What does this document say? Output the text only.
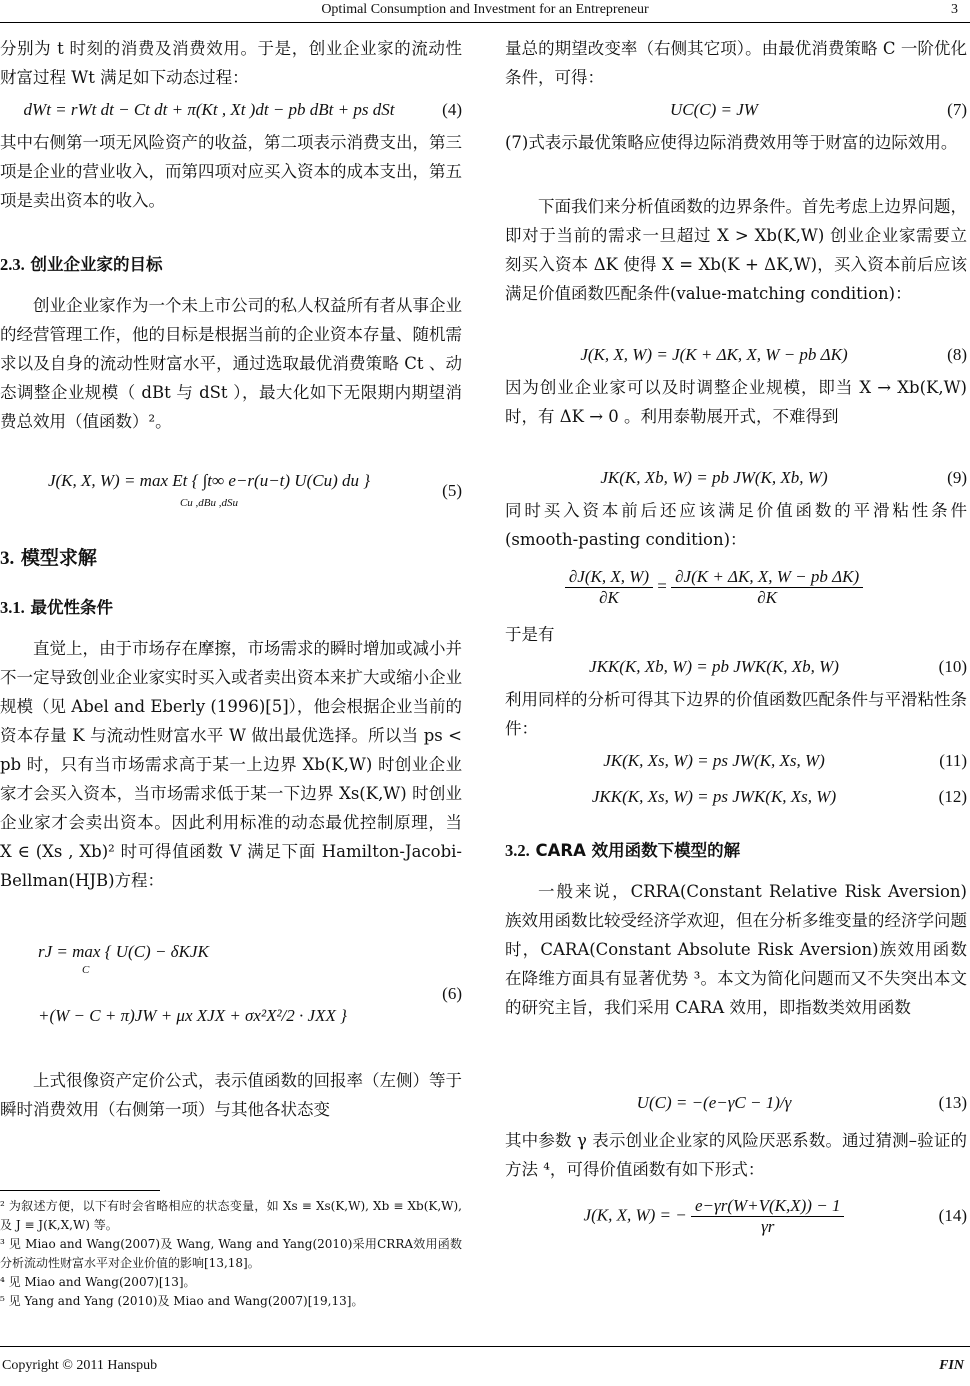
Optimal Consumption and Investment for an Entrepreneur	3

分别为 t 时刻的消费及消费效用。于是，创业企业家的流动性财富过程 Wt 满足如下动态过程：

dWt = rWt dt − Ct dt + π(Kt , Xt )dt − pb dBt + ps dSt	(4)

其中右侧第一项无风险资产的收益，第二项表示消费支出，第三项是企业的营业收入，而第四项对应买入资本的成本支出，第五项是卖出资本的收入。

2.3. 创业企业家的目标

创业企业家作为一个未上市公司的私人权益所有者从事企业的经营管理工作，他的目标是根据当前的企业资本存量、随机需求以及自身的流动性财富水平，通过选取最优消费策略 Ct 、动态调整企业规模（ dBt 与 dSt ），最大化如下无限期内期望消费总效用（值函数）²。

J(K, X, W) = max Et { ∫t∞ e−r(u−t) U(Cu) du }
Cu ,dBu ,dSu
(5)
3. 模型求解
3.1. 最优性条件

直觉上，由于市场存在摩擦，市场需求的瞬时增加或减小并不一定导致创业企业家实时买入或者卖出资本来扩大或缩小企业规模（见 Abel and Eberly (1996)[5]），他会根据企业当前的资本存量 K 与流动性财富水平 W 做出最优选择。所以当 ps < pb 时，只有当市场需求高于某一上边界 Xb(K,W) 时创业企业家才会买入资本，当市场需求低于某一下边界 Xs(K,W) 时创业企业家才会卖出资本。因此利用标准的动态最优控制原理，当 X ∈ (Xs , Xb)² 时可得值函数 V 满足下面 Hamilton-Jacobi-Bellman(HJB)方程：

rJ = max { U(C) − δKJK
C
+(W − C + π)JW + μx XJX + σx²X²/2 · JXX }
(6)

上式很像资产定价公式，表示值函数的回报率（左侧）等于瞬时消费效用（右侧第一项）与其他各状态变

² 为叙述方便，以下有时会省略相应的状态变量，如 Xs ≡ Xs(K,W), Xb ≡ Xb(K,W), 及 J ≡ J(K,X,W) 等。
³ 见 Miao and Wang(2007)及 Wang, Wang and Yang(2010)采用CRRA效用函数分析流动性财富水平对企业价值的影响[13,18]。
⁴ 见 Miao and Wang(2007)[13]。
⁵ 见 Yang and Yang (2010)及 Miao and Wang(2007)[19,13]。

量总的期望改变率（右侧其它项）。由最优消费策略 C 一阶优化条件，可得：

UC(C) = JW	(7)

(7)式表示最优策略应使得边际消费效用等于财富的边际效用。

下面我们来分析值函数的边界条件。首先考虑上边界问题，即对于当前的需求一旦超过 X > Xb(K,W) 创业企业家需要立刻买入资本 ΔK 使得 X = Xb(K + ΔK,W)，买入资本前后应该满足价值函数匹配条件(value-matching condition)：

J(K, X, W) = J(K + ΔK, X, W − pb ΔK)	(8)

因为创业企业家可以及时调整企业规模，即当 X → Xb(K,W) 时，有 ΔK → 0 。利用泰勒展开式，不难得到

JK(K, Xb, W) = pb JW(K, Xb, W)	(9)

同时买入资本前后还应该满足价值函数的平滑粘性条件(smooth-pasting condition)：

$\frac{\partial J(K, X, W)}{\partial K} = \frac{\text{∂J(K + ΔK, X, W − pb ΔK)}}{\partial K}$

于是有

JKK(K, Xb, W) = pb JWK(K, Xb, W)	(10)

利用同样的分析可得其下边界的价值函数匹配条件与平滑粘性条件：

JK(K, Xs, W) = ps JW(K, Xs, W)	(11)
JKK(K, Xs, W) = ps JWK(K, Xs, W)	(12)
3.2. CARA 效用函数下模型的解

一般来说，CRRA(Constant Relative Risk Aversion)族效用函数比较受经济学欢迎，但在分析多维变量的经济学问题时，CARA(Constant Absolute Risk Aversion)族效用函数在降维方面具有显著优势 ³。本文为简化问题而又不失突出本文的研究主旨，我们采用 CARA 效用，即指数类效用函数

U(C) = −(e−γC − 1)/γ	(13)

其中参数 γ 表示创业企业家的风险厌恶系数。通过猜测–验证的方法 ⁴，可得价值函数有如下形式：

J(K, X, W) = − $\frac{e-\gamma r(W+V(K,X)) - 1}{\gamma r}$	(14)
Copyright © 2011 Hanspub	FIN
